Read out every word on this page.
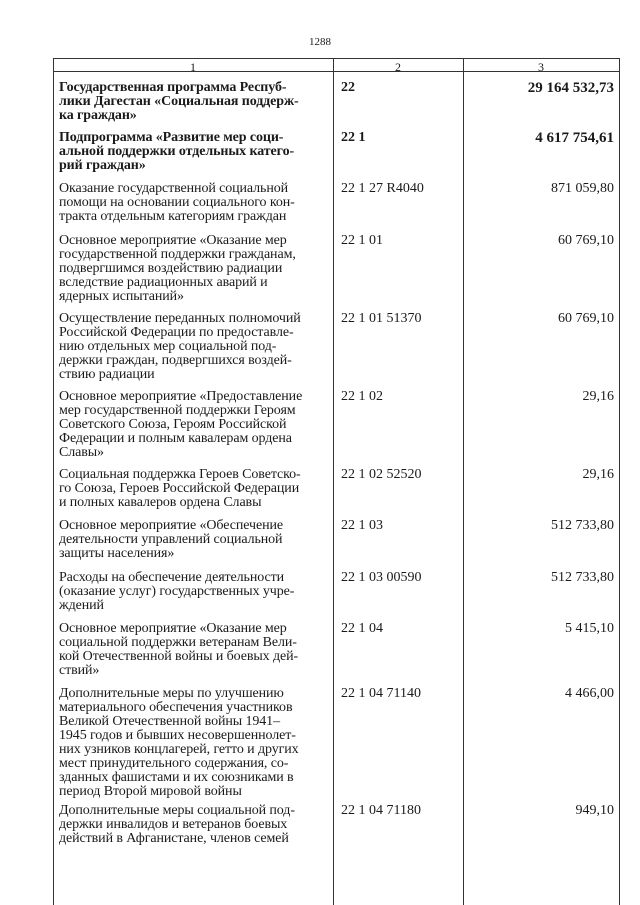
1288
1	2	3
Государственная программа Респуб-
лики Дагестан «Социальная поддерж-
ка граждан»
22	29 164 532,73
Подпрограмма «Развитие мер соци-
альной поддержки отдельных катего-
рий граждан»
22 1	4 617 754,61
Оказание государственной социальной
помощи на основании социального кон-
тракта отдельным категориям граждан
22 1 27 R4040	871 059,80
Основное мероприятие «Оказание мер
государственной поддержки гражданам,
подвергшимся воздействию радиации
вследствие радиационных аварий и
ядерных испытаний»
22 1 01	60 769,10
Осуществление переданных полномочий
Российской Федерации по предоставле-
нию отдельных мер социальной под-
держки граждан, подвергшихся воздей-
ствию радиации
22 1 01 51370	60 769,10
Основное мероприятие «Предоставление
мер государственной поддержки Героям
Советского Союза, Героям Российской
Федерации и полным кавалерам ордена
Славы»
22 1 02	29,16
Социальная поддержка Героев Советско-
го Союза, Героев Российской Федерации
и полных кавалеров ордена Славы
22 1 02 52520	29,16
Основное мероприятие «Обеспечение
деятельности управлений социальной
защиты населения»
22 1 03	512 733,80
Расходы на обеспечение деятельности
(оказание услуг) государственных учре-
ждений
22 1 03 00590	512 733,80
Основное мероприятие «Оказание мер
социальной поддержки ветеранам Вели-
кой Отечественной войны и боевых дей-
ствий»
22 1 04	5 415,10
Дополнительные меры по улучшению
материального обеспечения участников
Великой Отечественной войны 1941–
1945 годов и бывших несовершеннолет-
них узников концлагерей, гетто и других
мест принудительного содержания, со-
зданных фашистами и их союзниками в
период Второй мировой войны
22 1 04 71140	4 466,00
Дополнительные меры социальной под-
держки инвалидов и ветеранов боевых
действий в Афганистане, членов семей
22 1 04 71180	949,10
